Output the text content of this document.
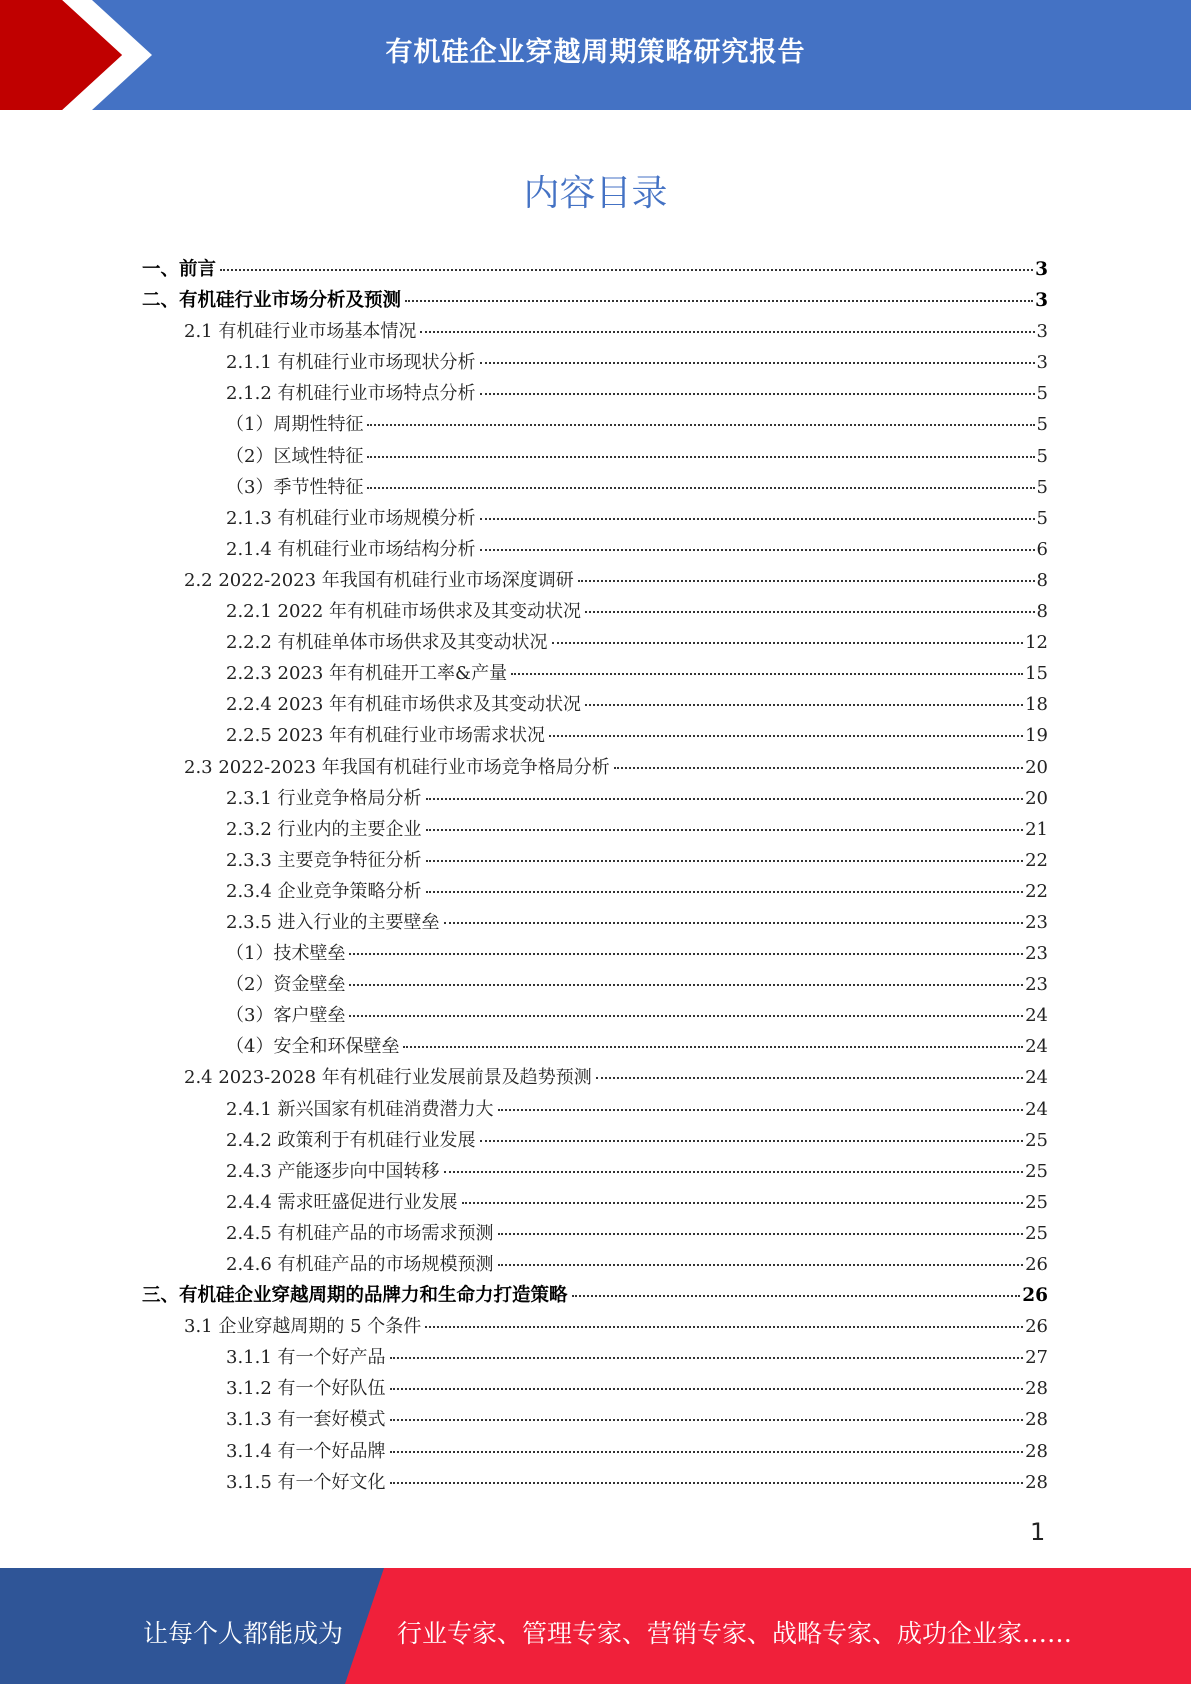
有机硅企业穿越周期策略研究报告
内容目录
一、前言	3
二、有机硅行业市场分析及预测	3
2.1 有机硅行业市场基本情况	3
2.1.1 有机硅行业市场现状分析	3
2.1.2 有机硅行业市场特点分析	5
（1）周期性特征	5
（2）区域性特征	5
（3）季节性特征	5
2.1.3 有机硅行业市场规模分析	5
2.1.4 有机硅行业市场结构分析	6
2.2 2022-2023 年我国有机硅行业市场深度调研	8
2.2.1 2022 年有机硅市场供求及其变动状况	8
2.2.2 有机硅单体市场供求及其变动状况	12
2.2.3 2023 年有机硅开工率&产量	15
2.2.4 2023 年有机硅市场供求及其变动状况	18
2.2.5 2023 年有机硅行业市场需求状况	19
2.3 2022-2023 年我国有机硅行业市场竞争格局分析	20
2.3.1 行业竞争格局分析	20
2.3.2 行业内的主要企业	21
2.3.3 主要竞争特征分析	22
2.3.4 企业竞争策略分析	22
2.3.5 进入行业的主要壁垒	23
（1）技术壁垒	23
（2）资金壁垒	23
（3）客户壁垒	24
（4）安全和环保壁垒	24
2.4 2023-2028 年有机硅行业发展前景及趋势预测	24
2.4.1 新兴国家有机硅消费潜力大	24
2.4.2 政策利于有机硅行业发展	25
2.4.3 产能逐步向中国转移	25
2.4.4 需求旺盛促进行业发展	25
2.4.5 有机硅产品的市场需求预测	25
2.4.6 有机硅产品的市场规模预测	26
三、有机硅企业穿越周期的品牌力和生命力打造策略	26
3.1 企业穿越周期的 5 个条件	26
3.1.1 有一个好产品	27
3.1.2 有一个好队伍	28
3.1.3 有一套好模式	28
3.1.4 有一个好品牌	28
3.1.5 有一个好文化	28
1
让每个人都能成为 行业专家、管理专家、营销专家、战略专家、成功企业家……
